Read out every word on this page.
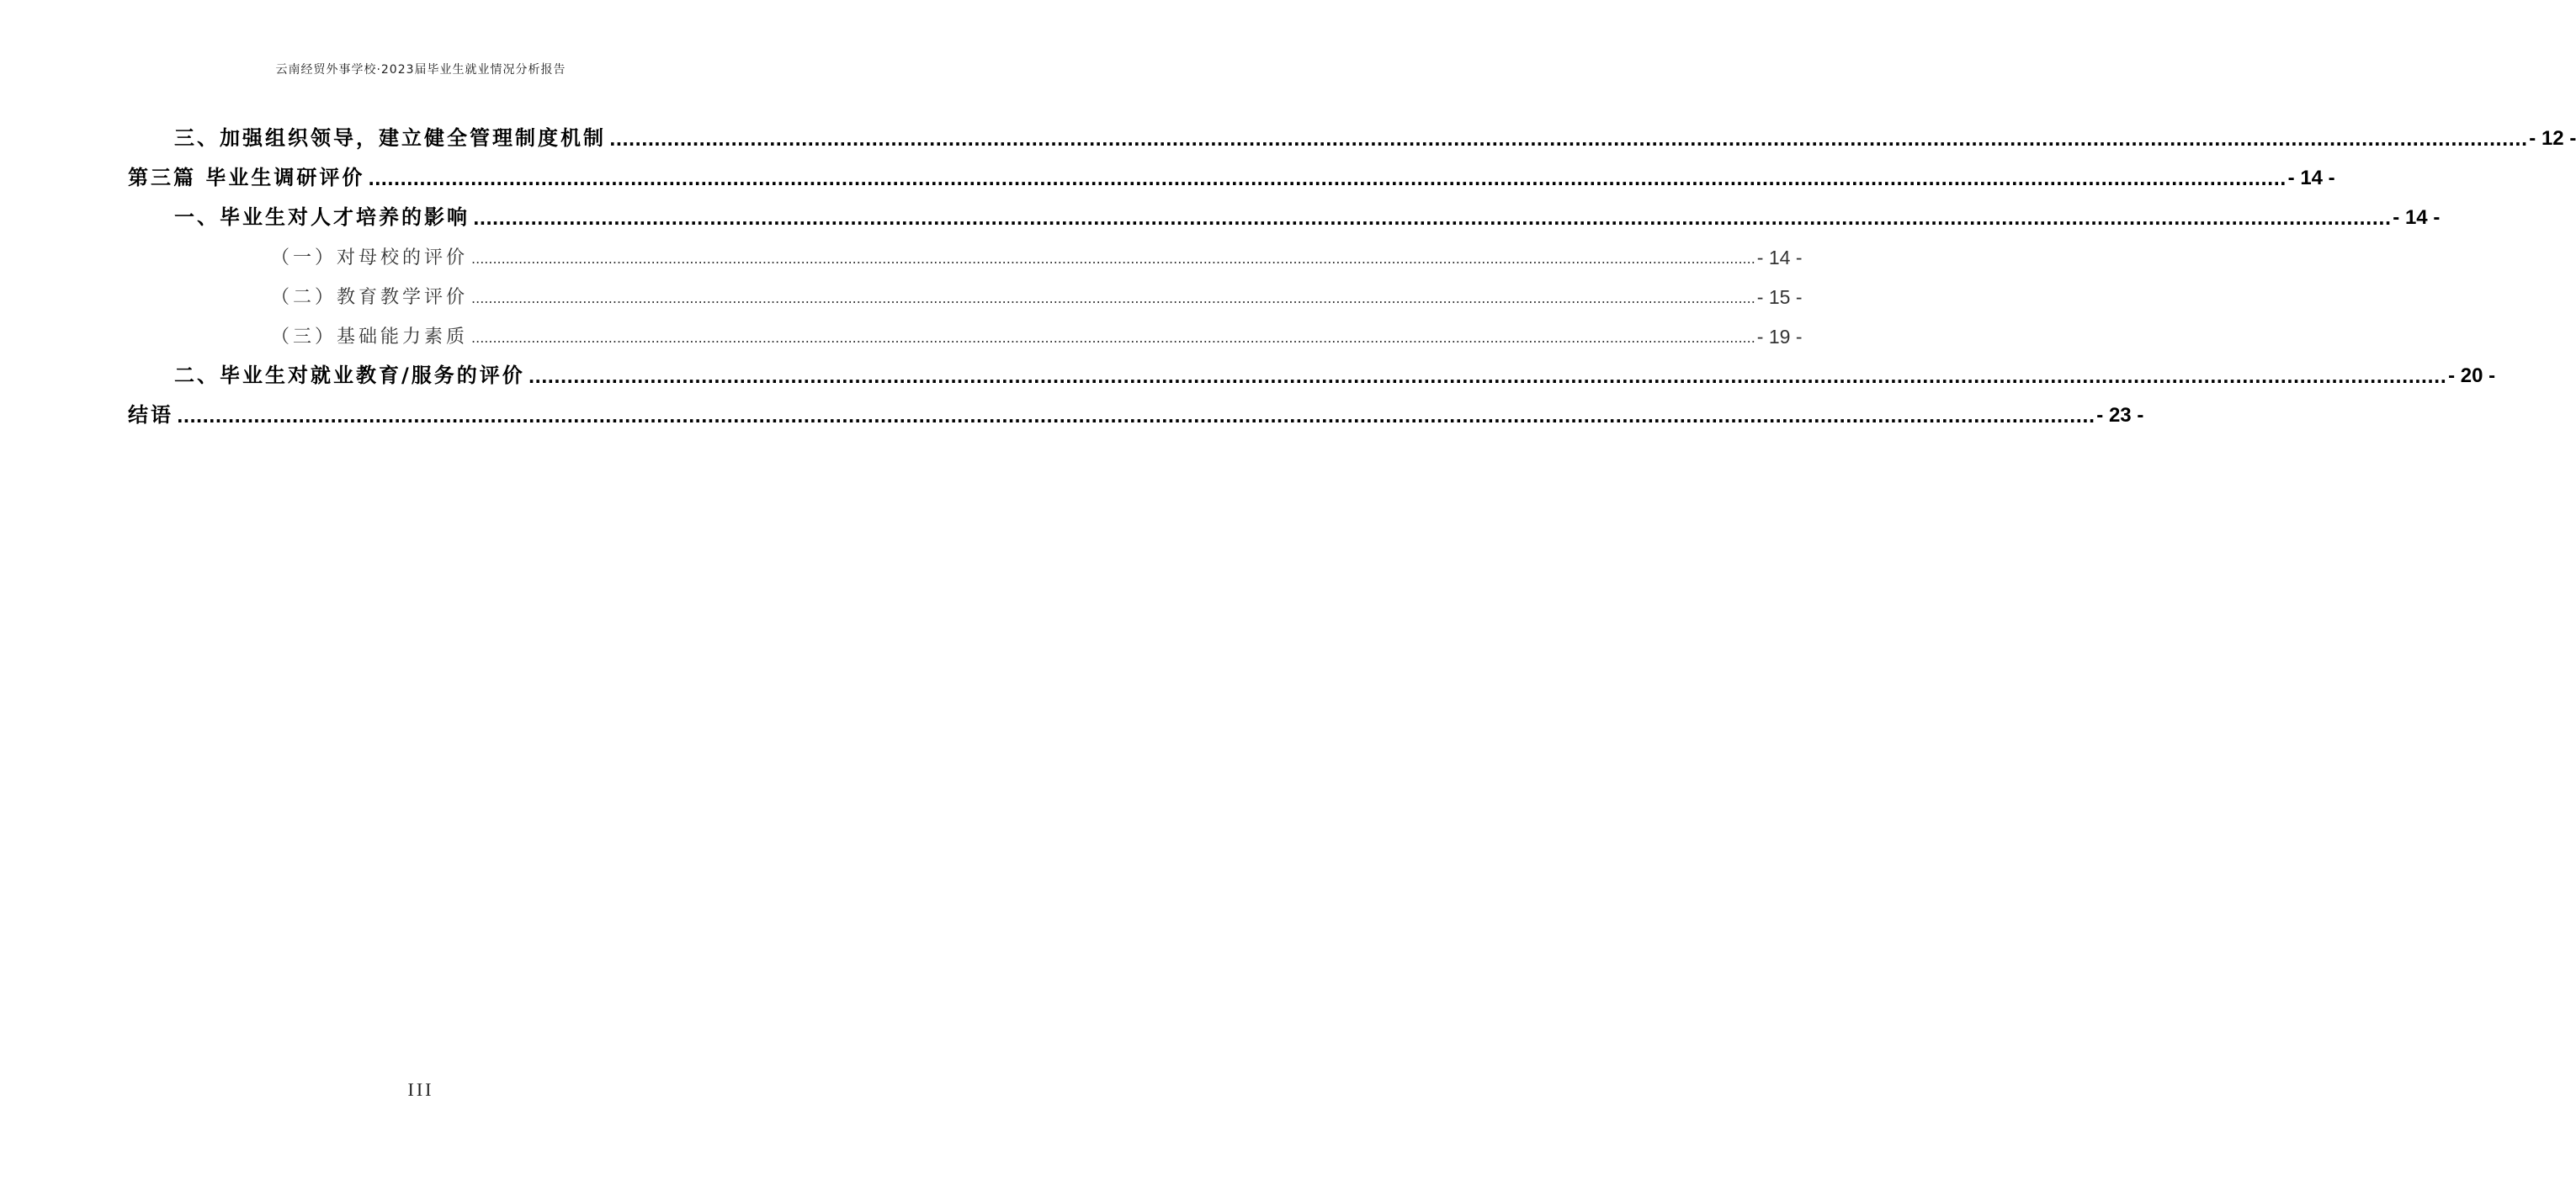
云南经贸外事学校·2023届毕业生就业情况分析报告
三、加强组织领导，建立健全管理制度机制 ............................................................................................................................................................................................................................................................................................................ - 12 -
第三篇 毕业生调研评价 ............................................................................................................................................................................................................................................................................................................ - 14 -
一、毕业生对人才培养的影响 ............................................................................................................................................................................................................................................................................................................ - 14 -
（一）对母校的评价 ............................................................................................................................................................................................................................................................................................................ - 14 -
（二）教育教学评价 ............................................................................................................................................................................................................................................................................................................ - 15 -
（三）基础能力素质 ............................................................................................................................................................................................................................................................................................................ - 19 -
二、毕业生对就业教育/服务的评价 ............................................................................................................................................................................................................................................................................................................ - 20 -
结语 ............................................................................................................................................................................................................................................................................................................ - 23 -
III
